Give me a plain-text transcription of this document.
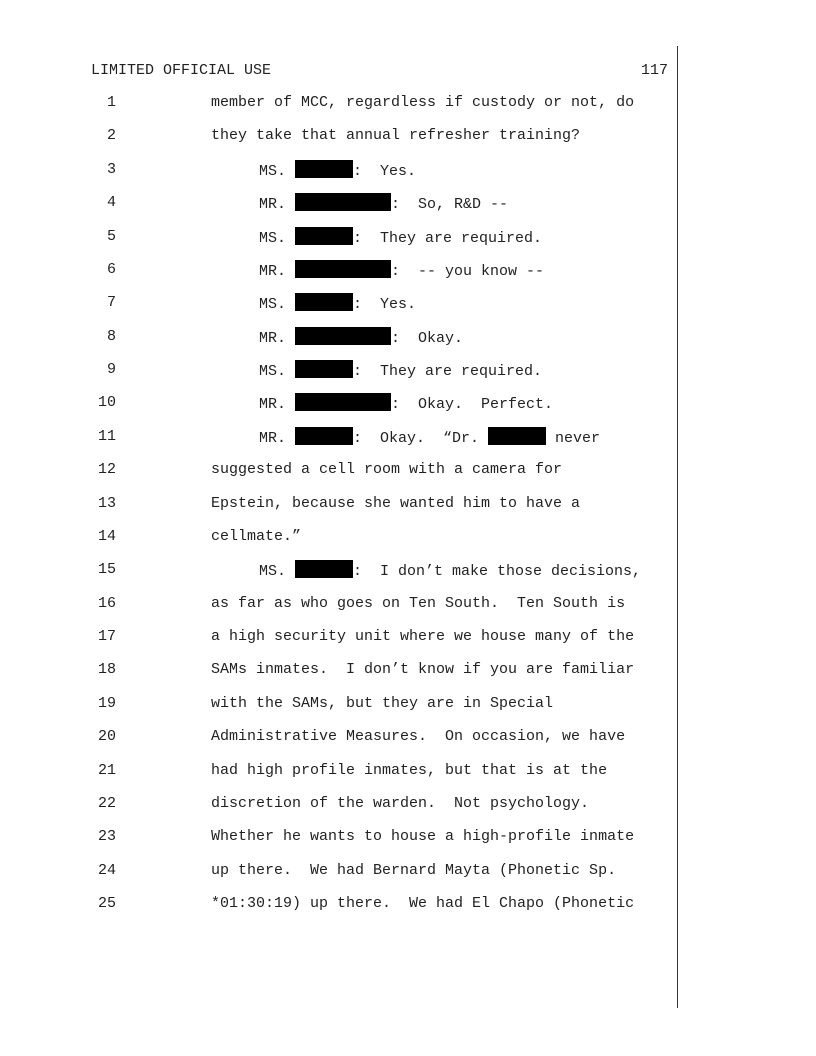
LIMITED OFFICIAL USE	117
1	member of MCC, regardless if custody or not, do
2	they take that annual refresher training?
3	MS.	:  Yes.
4	MR.	:  So, R&D --
5	MS.	:  They are required.
6	MR.	:  -- you know --
7	MS.	:  Yes.
8	MR.	:  Okay.
9	MS.	:  They are required.
10	MR.	:  Okay.  Perfect.
11	MR.	:  Okay.  “Dr.	never
12	suggested a cell room with a camera for
13	Epstein, because she wanted him to have a
14	cellmate.”
15	MS.	:  I don’t make those decisions,
16	as far as who goes on Ten South.  Ten South is
17	a high security unit where we house many of the
18	SAMs inmates.  I don’t know if you are familiar
19	with the SAMs, but they are in Special
20	Administrative Measures.  On occasion, we have
21	had high profile inmates, but that is at the
22	discretion of the warden.  Not psychology.
23	Whether he wants to house a high-profile inmate
24	up there.  We had Bernard Mayta (Phonetic Sp.
25	*01:30:19) up there.  We had El Chapo (Phonetic
